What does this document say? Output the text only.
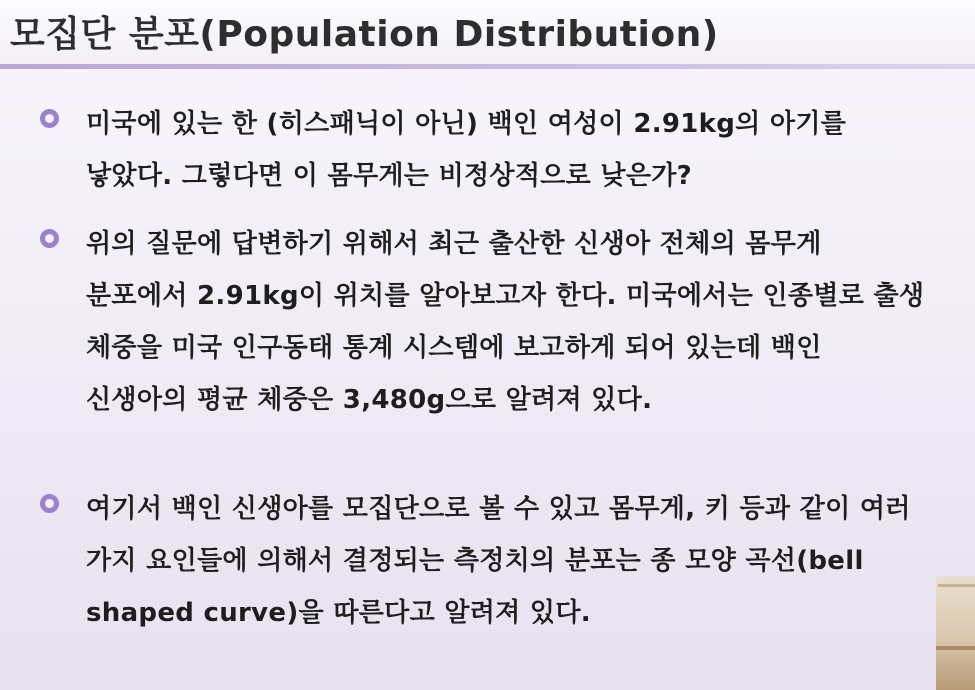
모집단 분포(Population Distribution)
미국에 있는 한 (히스패닉이 아닌) 백인 여성이 2.91kg의 아기를 낳았다. 그렇다면 이 몸무게는 비정상적으로 낮은가?
위의 질문에 답변하기 위해서 최근 출산한 신생아 전체의 몸무게 분포에서 2.91kg이 위치를 알아보고자 한다. 미국에서는 인종별로 출생 체중을 미국 인구동태 통계 시스템에 보고하게 되어 있는데 백인 신생아의 평균 체중은 3,480g으로 알려져 있다.
여기서 백인 신생아를 모집단으로 볼 수 있고 몸무게, 키 등과 같이 여러 가지 요인들에 의해서 결정되는 측정치의 분포는 종 모양 곡선(bell shaped curve)을 따른다고 알려져 있다.
